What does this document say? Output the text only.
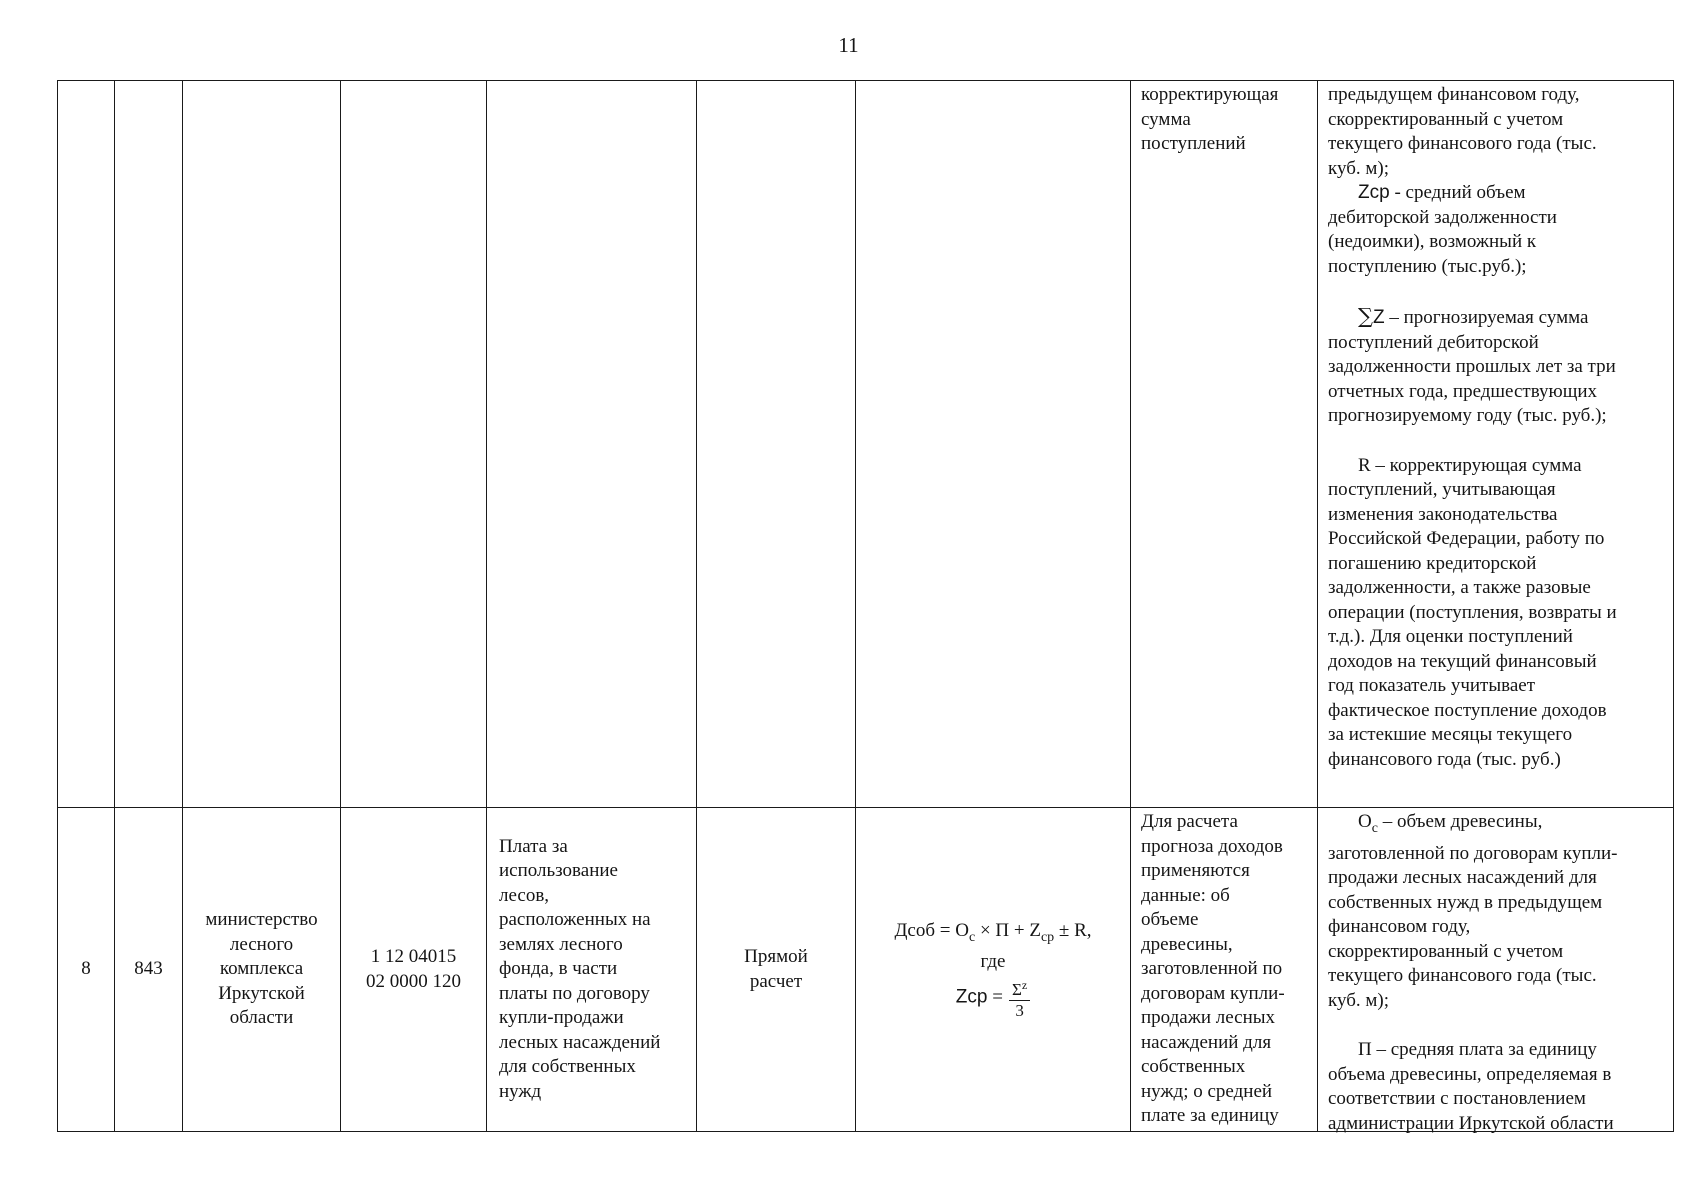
11
корректирующая
сумма
поступлений
предыдущем финансовом году,
скорректированный с учетом
текущего финансового года (тыс.
куб. м);
Zср - средний объем
дебиторской задолженности
(недоимки), возможный к
поступлению (тыс.руб.);
∑Z – прогнозируемая сумма
поступлений дебиторской
задолженности прошлых лет за три
отчетных года, предшествующих
прогнозируемому году (тыс. руб.);
R – корректирующая сумма
поступлений, учитывающая
изменения законодательства
Российской Федерации, работу по
погашению кредиторской
задолженности, а также разовые
операции (поступления, возвраты и
т.д.). Для оценки поступлений
доходов на текущий финансовый
год показатель учитывает
фактическое поступление доходов
за истекшие месяцы текущего
финансового года (тыс. руб.)
8 843
министерство
лесного
комплекса
Иркутской
области
1 12 04015
02 0000 120
Плата за
использование
лесов,
расположенных на
землях лесного
фонда, в части
платы по договору
купли-продажи
лесных насаждений
для собственных
нужд
Прямой
расчет
Дсоб = $О_с \times П + Z_{ср} \pm R$,
где
Zср = $\frac{\Sigma^z}{3}$
Для расчета
прогноза доходов
применяются
данные: об
объеме
древесины,
заготовленной по
договорам купли-
продажи лесных
насаждений для
собственных
нужд; о средней
плате за единицу
$О_с$ – объем древесины,
заготовленной по договорам купли-
продажи лесных насаждений для
собственных нужд в предыдущем
финансовом году,
скорректированный с учетом
текущего финансового года (тыс.
куб. м);
П – средняя плата за единицу
объема древесины, определяемая в
соответствии с постановлением
администрации Иркутской области
